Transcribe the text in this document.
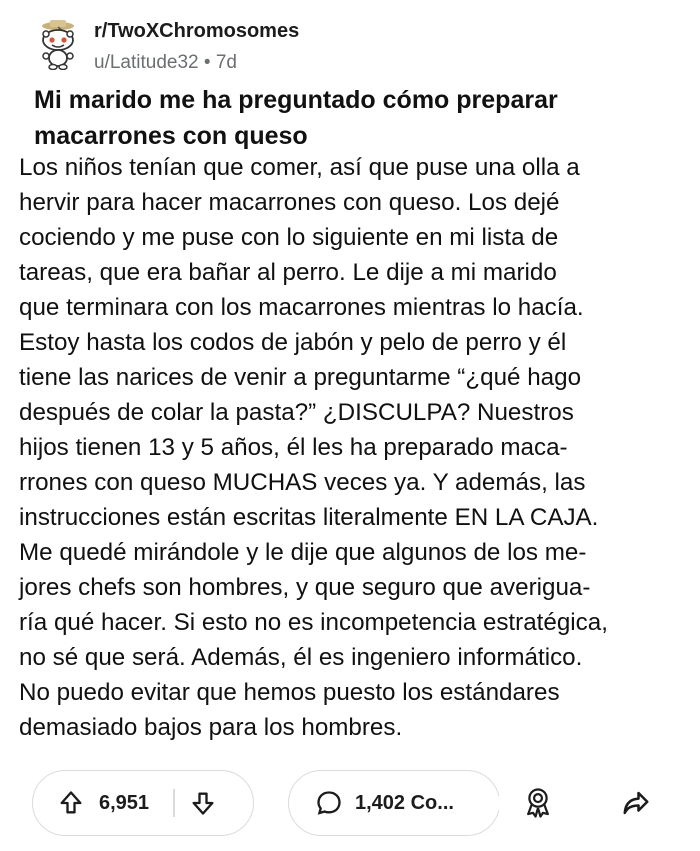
r/TwoXChromosomes
u/Latitude32 • 7d
Mi marido me ha preguntado cómo preparar
macarrones con queso
Los niños tenían que comer, así que puse una olla a
hervir para hacer macarrones con queso. Los dejé
cociendo y me puse con lo siguiente en mi lista de
tareas, que era bañar al perro. Le dije a mi marido
que terminara con los macarrones mientras lo hacía.
Estoy hasta los codos de jabón y pelo de perro y él
tiene las narices de venir a preguntarme “¿qué hago
después de colar la pasta?” ¿DISCULPA? Nuestros
hijos tienen 13 y 5 años, él les ha preparado maca-
rrones con queso MUCHAS veces ya. Y además, las
instrucciones están escritas literalmente EN LA CAJA.
Me quedé mirándole y le dije que algunos de los me-
jores chefs son hombres, y que seguro que averigua-
ría qué hacer. Si esto no es incompetencia estratégica,
no sé que será. Además, él es ingeniero informático.
No puedo evitar que hemos puesto los estándares
demasiado bajos para los hombres.
6,951	1,402 Co...
